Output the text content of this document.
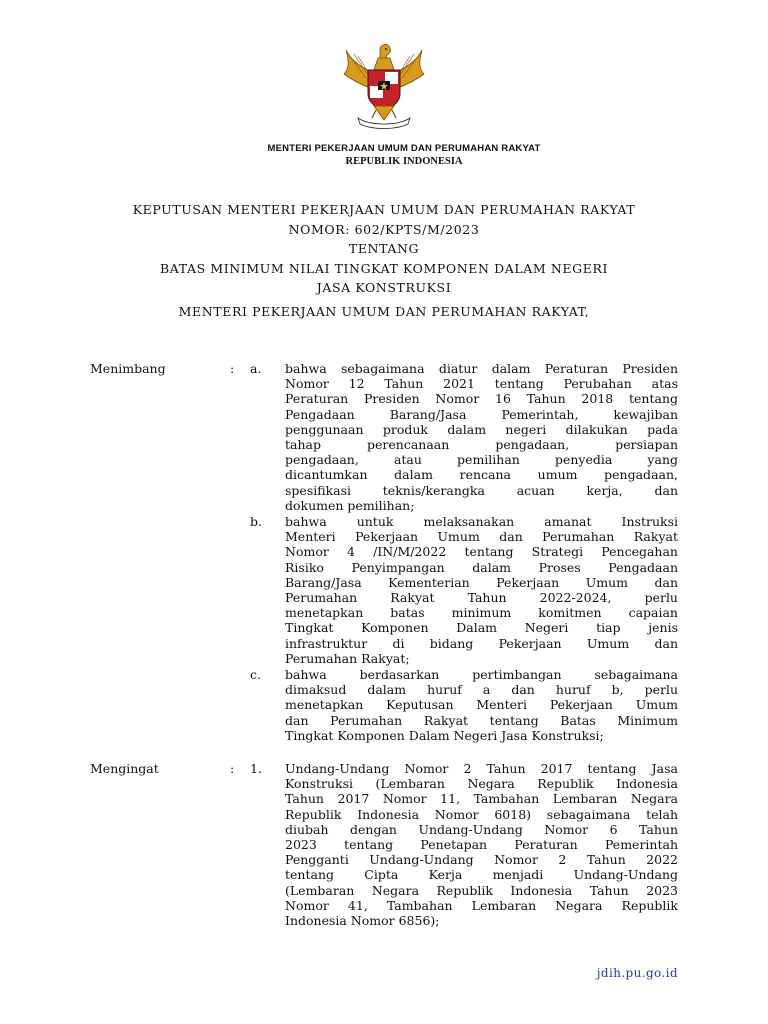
MENTERI PEKERJAAN UMUM DAN PERUMAHAN RAKYAT
REPUBLIK INDONESIA
KEPUTUSAN MENTERI PEKERJAAN UMUM DAN PERUMAHAN RAKYAT
NOMOR: 602/KPTS/M/2023
TENTANG
BATAS MINIMUM NILAI TINGKAT KOMPONEN DALAM NEGERI
JASA KONSTRUKSI
MENTERI PEKERJAAN UMUM DAN PERUMAHAN RAKYAT,
Menimbang	: a. bahwa sebagaimana diatur dalam Peraturan Presiden
Nomor 12 Tahun 2021 tentang Perubahan atas
Peraturan Presiden Nomor 16 Tahun 2018 tentang
Pengadaan Barang/Jasa Pemerintah, kewajiban
penggunaan produk dalam negeri dilakukan pada
tahap perencanaan pengadaan, persiapan
pengadaan, atau pemilihan penyedia yang
dicantumkan dalam rencana umum pengadaan,
spesifikasi teknis/kerangka acuan kerja, dan
dokumen pemilihan;
b. bahwa untuk melaksanakan amanat Instruksi
Menteri Pekerjaan Umum dan Perumahan Rakyat
Nomor 4 /IN/M/2022 tentang Strategi Pencegahan
Risiko Penyimpangan dalam Proses Pengadaan
Barang/Jasa Kementerian Pekerjaan Umum dan
Perumahan Rakyat Tahun 2022-2024, perlu
menetapkan batas minimum komitmen capaian
Tingkat Komponen Dalam Negeri tiap jenis
infrastruktur di bidang Pekerjaan Umum dan
Perumahan Rakyat;
c. bahwa berdasarkan pertimbangan sebagaimana
dimaksud dalam huruf a dan huruf b, perlu
menetapkan Keputusan Menteri Pekerjaan Umum
dan Perumahan Rakyat tentang Batas Minimum
Tingkat Komponen Dalam Negeri Jasa Konstruksi;
Mengingat	: 1. Undang-Undang Nomor 2 Tahun 2017 tentang Jasa
Konstruksi (Lembaran Negara Republik Indonesia
Tahun 2017 Nomor 11, Tambahan Lembaran Negara
Republik Indonesia Nomor 6018) sebagaimana telah
diubah dengan Undang-Undang Nomor 6 Tahun
2023 tentang Penetapan Peraturan Pemerintah
Pengganti Undang-Undang Nomor 2 Tahun 2022
tentang Cipta Kerja menjadi Undang-Undang
(Lembaran Negara Republik Indonesia Tahun 2023
Nomor 41, Tambahan Lembaran Negara Republik
Indonesia Nomor 6856);
jdih.pu.go.id
